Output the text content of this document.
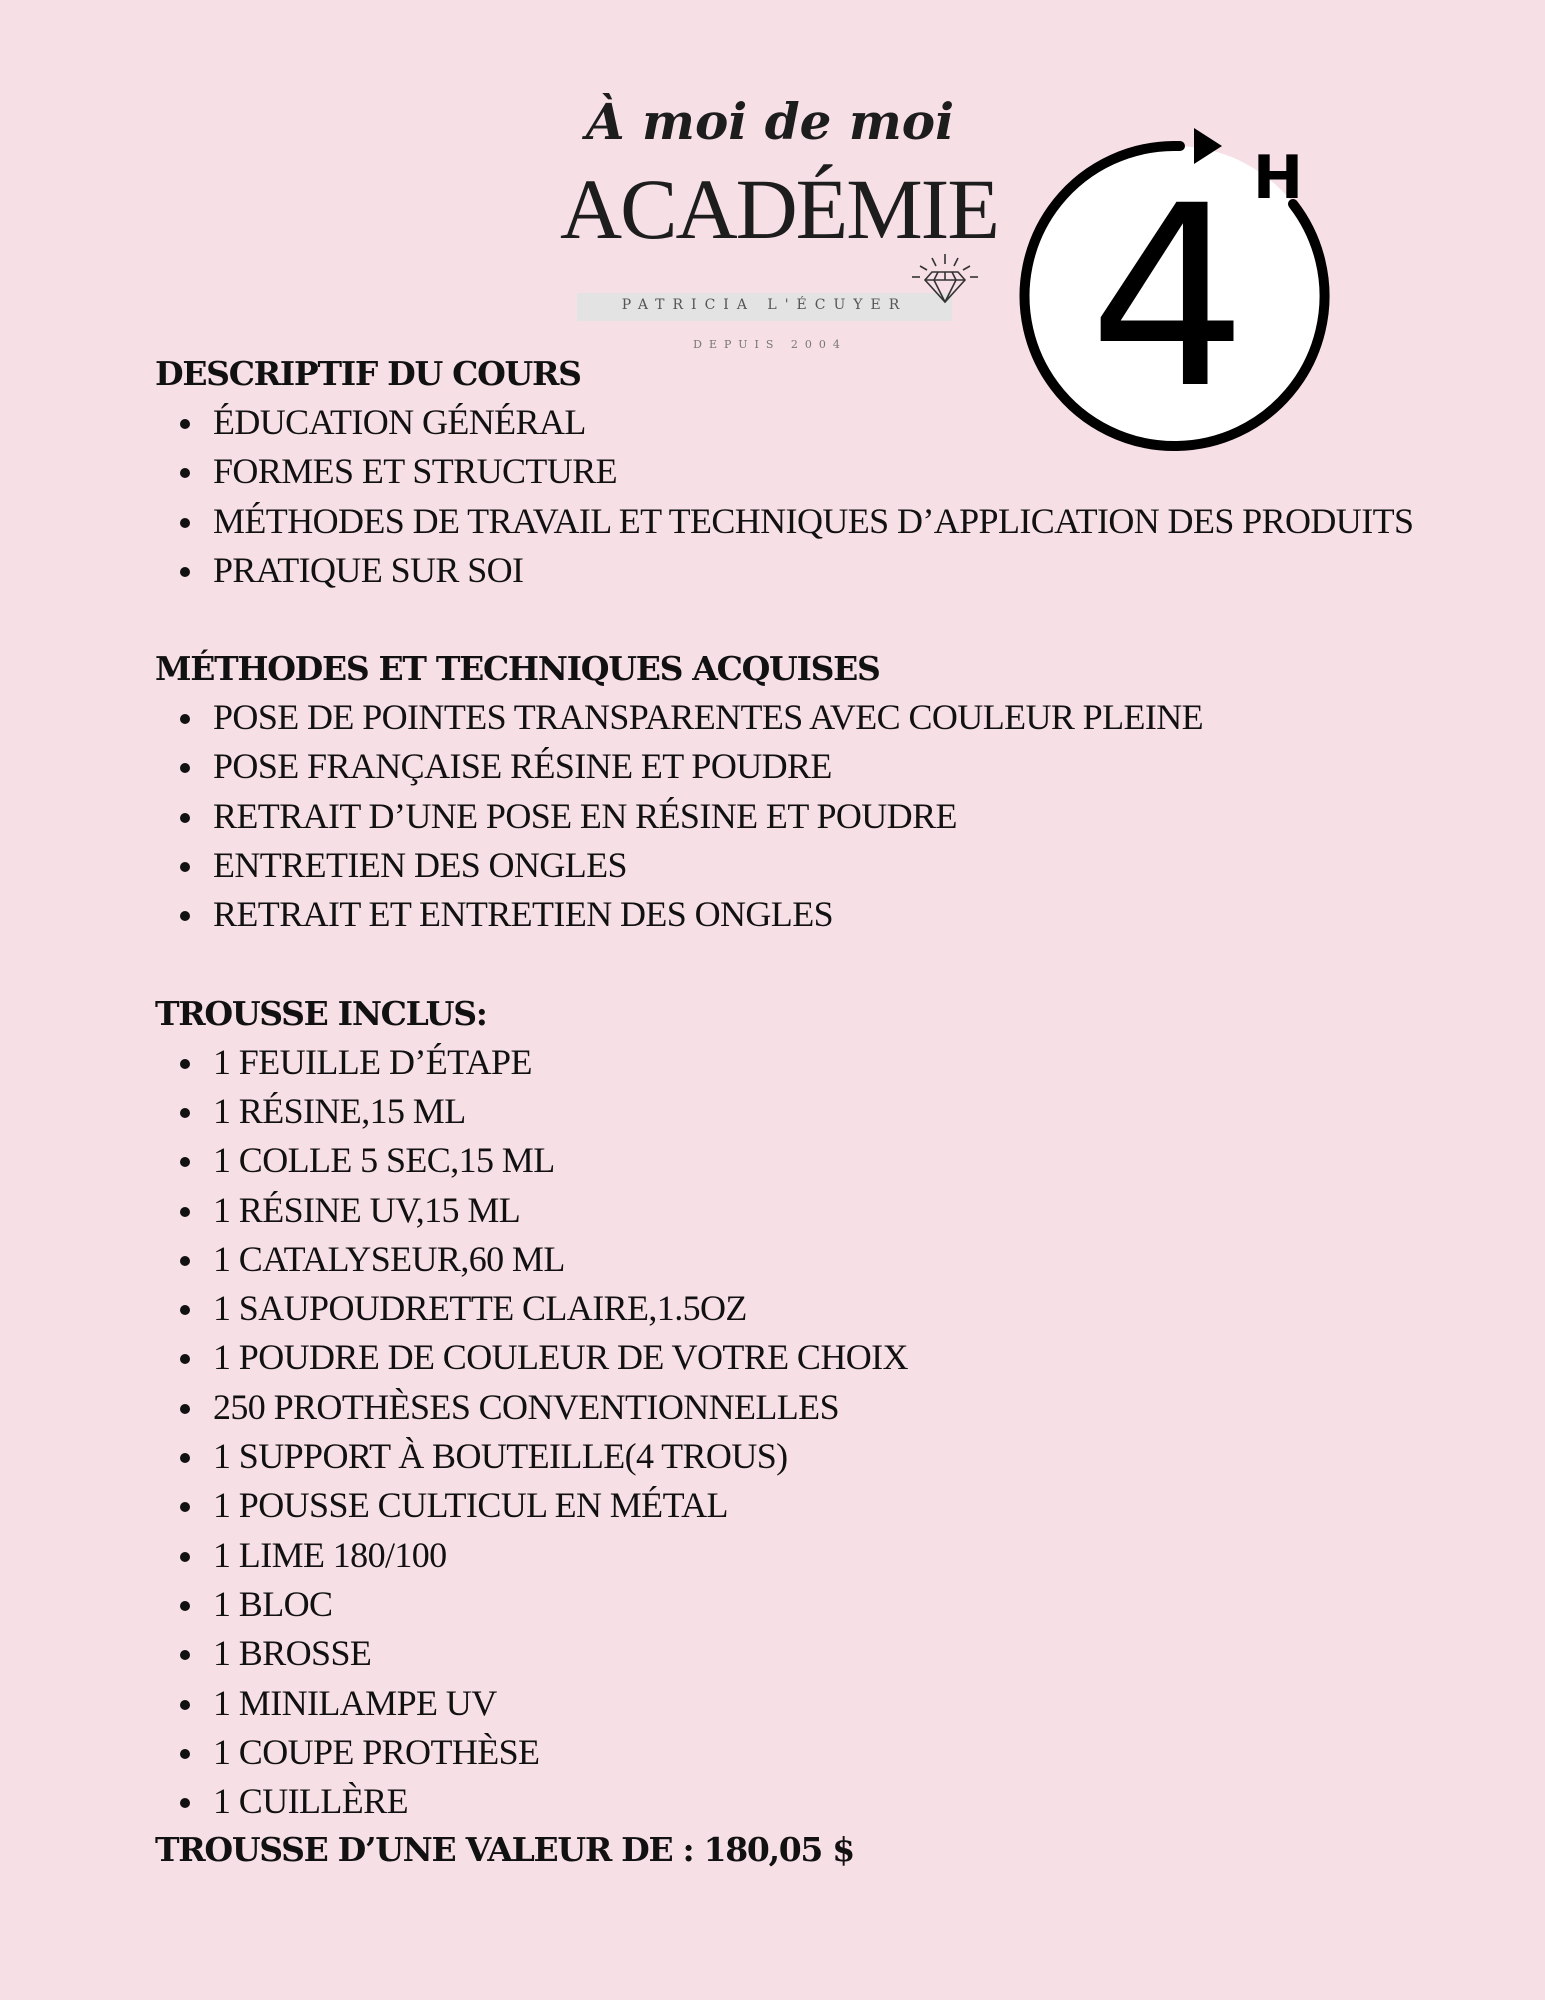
À moi de moi
ACADÉMIE
PATRICIA L'ÉCUYER
DEPUIS 2004
H
4
DESCRIPTIF DU COURS
ÉDUCATION GÉNÉRAL
FORMES ET STRUCTURE
MÉTHODES DE TRAVAIL ET TECHNIQUES D’APPLICATION DES PRODUITS
PRATIQUE SUR SOI
MÉTHODES ET TECHNIQUES ACQUISES
POSE DE POINTES TRANSPARENTES AVEC COULEUR PLEINE
POSE FRANÇAISE RÉSINE ET POUDRE
RETRAIT D’UNE POSE EN RÉSINE ET POUDRE
ENTRETIEN DES ONGLES
RETRAIT ET ENTRETIEN DES ONGLES
TROUSSE INCLUS:
1 FEUILLE D’ÉTAPE
1 RÉSINE,15 ML
1 COLLE 5 SEC,15 ML
1 RÉSINE UV,15 ML
1 CATALYSEUR,60 ML
1 SAUPOUDRETTE CLAIRE,1.5OZ
1 POUDRE DE COULEUR DE VOTRE CHOIX
250 PROTHÈSES CONVENTIONNELLES
1 SUPPORT À BOUTEILLE(4 TROUS)
1 POUSSE CULTICUL EN MÉTAL
1 LIME 180/100
1 BLOC
1 BROSSE
1 MINILAMPE UV
1 COUPE PROTHÈSE
1 CUILLÈRE
TROUSSE D’UNE VALEUR DE : 180,05 $
